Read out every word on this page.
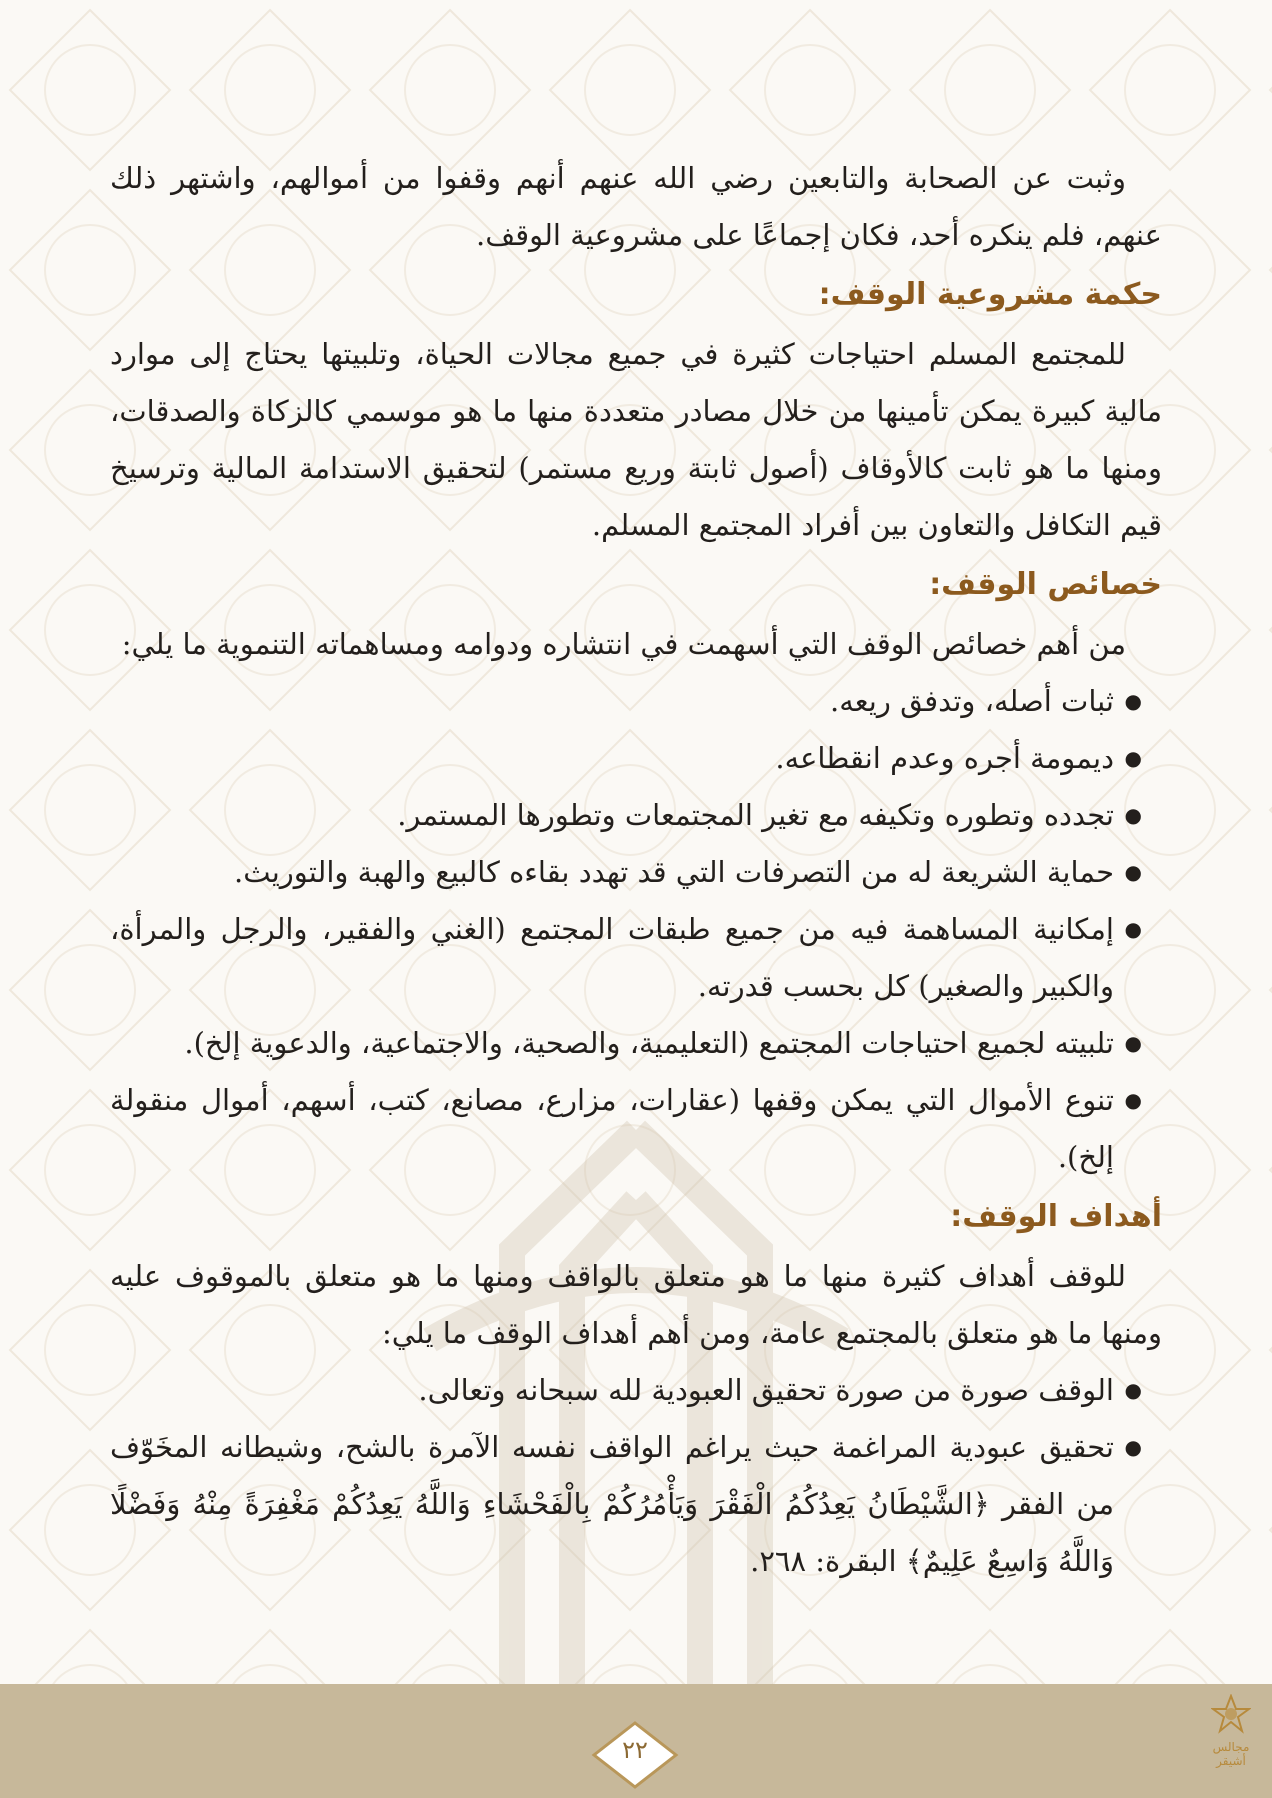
وثبت عن الصحابة والتابعين رضي الله عنهم أنهم وقفوا من أموالهم، واشتهر ذلك عنهم، فلم ينكره أحد، فكان إجماعًا على مشروعية الوقف.

حكمة مشروعية الوقف:

للمجتمع المسلم احتياجات كثيرة في جميع مجالات الحياة، وتلبيتها يحتاج إلى موارد مالية كبيرة يمكن تأمينها من خلال مصادر متعددة منها ما هو موسمي كالزكاة والصدقات، ومنها ما هو ثابت كالأوقاف (أصول ثابتة وريع مستمر) لتحقيق الاستدامة المالية وترسيخ قيم التكافل والتعاون بين أفراد المجتمع المسلم.

خصائص الوقف:

من أهم خصائص الوقف التي أسهمت في انتشاره ودوامه ومساهماته التنموية ما يلي:

●
ثبات أصله، وتدفق ريعه.
●
ديمومة أجره وعدم انقطاعه.
●
تجدده وتطوره وتكيفه مع تغير المجتمعات وتطورها المستمر.
●
حماية الشريعة له من التصرفات التي قد تهدد بقاءه كالبيع والهبة والتوريث.
●
إمكانية المساهمة فيه من جميع طبقات المجتمع (الغني والفقير، والرجل والمرأة، والكبير والصغير) كل بحسب قدرته.
●
تلبيته لجميع احتياجات المجتمع (التعليمية، والصحية، والاجتماعية، والدعوية إلخ).
●
تنوع الأموال التي يمكن وقفها (عقارات، مزارع، مصانع، كتب، أسهم، أموال منقولة إلخ).
أهداف الوقف:

للوقف أهداف كثيرة منها ما هو متعلق بالواقف ومنها ما هو متعلق بالموقوف عليه ومنها ما هو متعلق بالمجتمع عامة، ومن أهم أهداف الوقف ما يلي:

●
الوقف صورة من صورة تحقيق العبودية لله سبحانه وتعالى.
●
تحقيق عبودية المراغمة حيث يراغم الواقف نفسه الآمرة بالشح، وشيطانه المخَوّف من الفقر ﴿الشَّيْطَانُ يَعِدُكُمُ الْفَقْرَ وَيَأْمُرُكُمْ بِالْفَحْشَاءِ وَاللَّهُ يَعِدُكُمْ مَغْفِرَةً مِنْهُ وَفَضْلًا وَاللَّهُ وَاسِعٌ عَلِيمٌ﴾ البقرة: ٢٦٨.
٢٢	مجالس أشيقر
